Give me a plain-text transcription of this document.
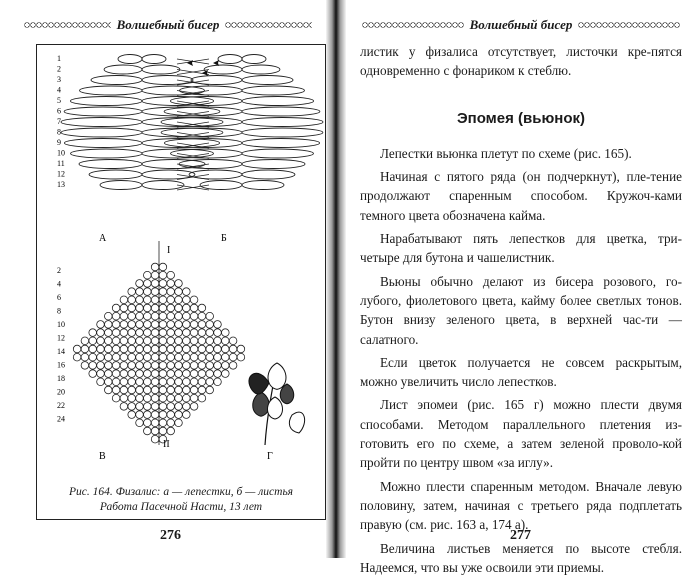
Волшебный бисер
1
2
3
4
5
6
7
8
9
10
11
12
13
2
4
6
8
10
12
14
16
18
20
22
24
А	Б
В	Г
I
II
Рис. 164. Физалис: а — лепестки, б — листья
Работа Пасечной Насти, 13 лет
276
Волшебный бисер

листик у физалиса отсутствует, листочки кре-пятся одновременно с фонариком к стеблю.

Эпомея (вьюнок)

Лепестки вьюнка плетут по схеме (рис. 165).

Начиная с пятого ряда (он подчеркнут), пле-тение продолжают спаренным способом. Кружоч-ками темного цвета обозначена кайма.

Нарабатывают пять лепестков для цветка, три-четыре для бутона и чашелистник.

Вьюны обычно делают из бисера розового, го-лубого, фиолетового цвета, кайму более светлых тонов. Бутон внизу зеленого цвета, в верхней час-ти — салатного.

Если цветок получается не совсем раскрытым, можно увеличить число лепестков.

Лист эпомеи (рис. 165 г) можно плести двумя способами. Методом параллельного плетения из-готовить его по схеме, а затем зеленой проволо-кой пройти по центру швом «за иглу».

Можно плести спаренным методом. Вначале левую половину, затем, начиная с третьего ряда подплетать правую (см. рис. 163 а, 174 а).

Величина листьев меняется по высоте стебля. Надеемся, что вы уже освоили эти приемы.

277
